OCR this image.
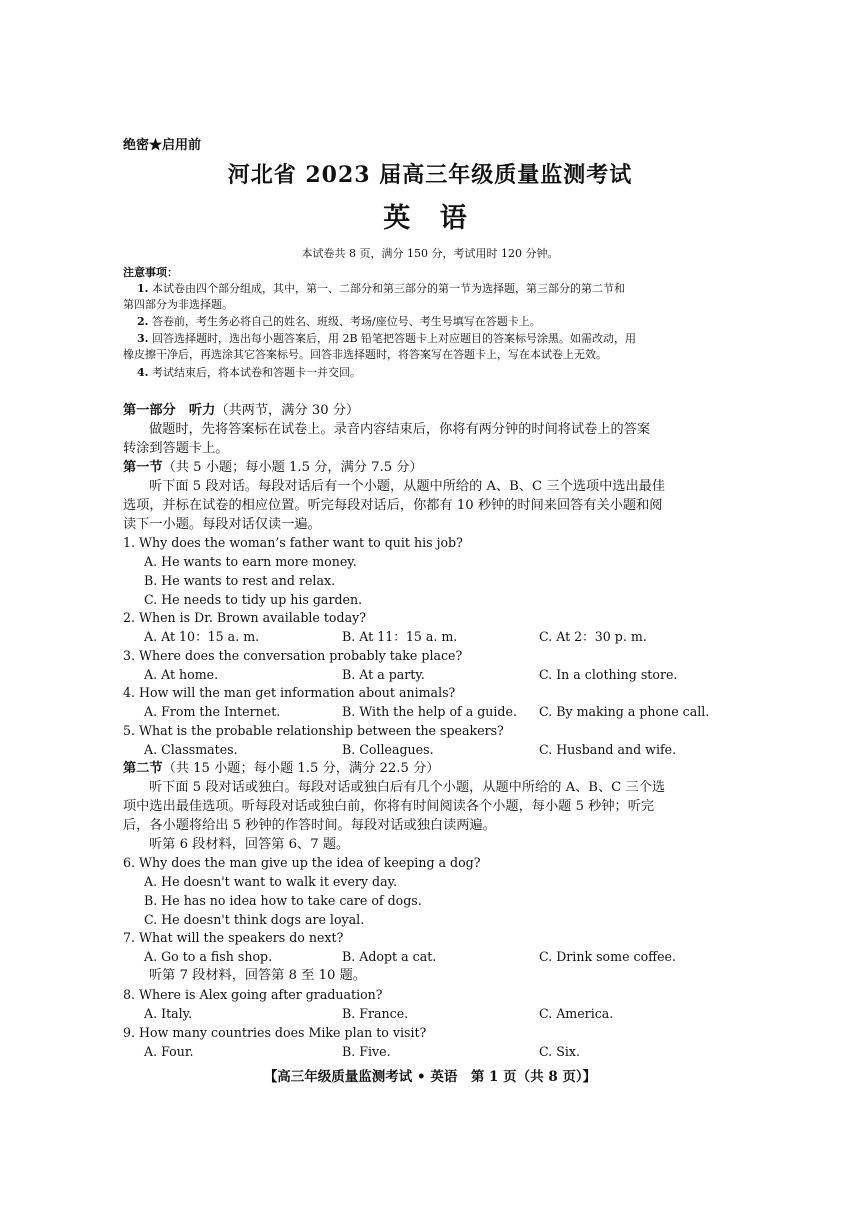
绝密★启用前
河北省 2023 届高三年级质量监测考试
英 语
本试卷共 8 页，满分 150 分，考试用时 120 分钟。
注意事项：
1. 本试卷由四个部分组成，其中，第一、二部分和第三部分的第一节为选择题，第三部分的第二节和
第四部分为非选择题。
2. 答卷前，考生务必将自己的姓名、班级、考场/座位号、考生号填写在答题卡上。
3. 回答选择题时，选出每小题答案后，用 2B 铅笔把答题卡上对应题目的答案标号涂黑。如需改动，用
橡皮擦干净后，再选涂其它答案标号。回答非选择题时，将答案写在答题卡上，写在本试卷上无效。
4. 考试结束后，将本试卷和答题卡一并交回。
第一部分　听力（共两节，满分 30 分）
做题时，先将答案标在试卷上。录音内容结束后，你将有两分钟的时间将试卷上的答案
转涂到答题卡上。
第一节（共 5 小题；每小题 1.5 分，满分 7.5 分）
听下面 5 段对话。每段对话后有一个小题，从题中所给的 A、B、C 三个选项中选出最佳
选项，并标在试卷的相应位置。听完每段对话后，你都有 10 秒钟的时间来回答有关小题和阅
读下一小题。每段对话仅读一遍。
1. Why does the woman’s father want to quit his job?
A. He wants to earn more money.
B. He wants to rest and relax.
C. He needs to tidy up his garden.
2. When is Dr. Brown available today?
A. At 10：15 a. m.	B. At 11：15 a. m.	C. At 2：30 p. m.
3. Where does the conversation probably take place?
A. At home.	B. At a party.	C. In a clothing store.
4. How will the man get information about animals?
A. From the Internet.	B. With the help of a guide. C. By making a phone call.
5. What is the probable relationship between the speakers?
A. Classmates.	B. Colleagues.	C. Husband and wife.
第二节（共 15 小题；每小题 1.5 分，满分 22.5 分）
听下面 5 段对话或独白。每段对话或独白后有几个小题，从题中所给的 A、B、C 三个选
项中选出最佳选项。听每段对话或独白前，你将有时间阅读各个小题，每小题 5 秒钟；听完
后，各小题将给出 5 秒钟的作答时间。每段对话或独白读两遍。
听第 6 段材料，回答第 6、7 题。
6. Why does the man give up the idea of keeping a dog?
A. He doesn't want to walk it every day.
B. He has no idea how to take care of dogs.
C. He doesn't think dogs are loyal.
7. What will the speakers do next?
A. Go to a fish shop.	B. Adopt a cat.	C. Drink some coffee.
听第 7 段材料，回答第 8 至 10 题。
8. Where is Alex going after graduation?
A. Italy.	B. France.	C. America.
9. How many countries does Mike plan to visit?
A. Four.	B. Five.	C. Six.
【高三年级质量监测考试 • 英语　第 1 页（共 8 页）】
